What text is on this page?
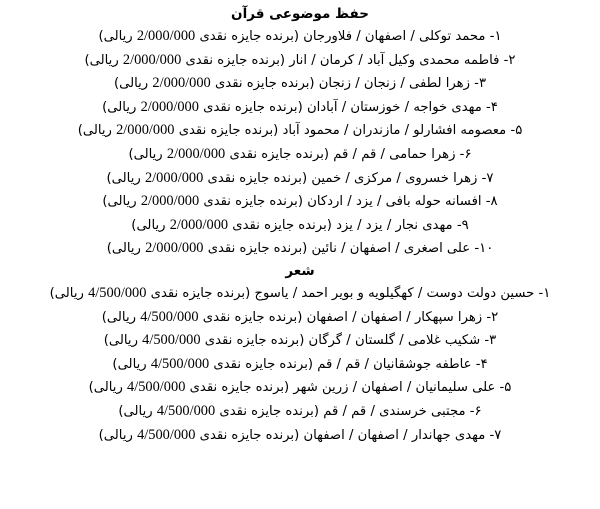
حفظ موضوعی قرآن
۱- محمد توکلی / اصفهان / فلاورجان (برنده جایزه نقدی 2/000/000 ریالی)
۲- فاطمه محمدی وکیل آباد / کرمان / انار (برنده جایزه نقدی 2/000/000 ریالی)
۳- زهرا لطفی / زنجان / زنجان (برنده جایزه نقدی 2/000/000 ریالی)
۴- مهدی خواجه / خوزستان / آبادان (برنده جایزه نقدی 2/000/000 ریالی)
۵- معصومه افشارلو / مازندران / محمود آباد (برنده جایزه نقدی 2/000/000 ریالی)
۶- زهرا حمامی / قم / قم (برنده جایزه نقدی 2/000/000 ریالی)
۷- زهرا خسروی / مرکزی / خمین (برنده جایزه نقدی 2/000/000 ریالی)
۸- افسانه حوله بافی / یزد / اردکان (برنده جایزه نقدی 2/000/000 ریالی)
۹- مهدی نجار / یزد / یزد (برنده جایزه نقدی 2/000/000 ریالی)
۱۰- علی اصغری / اصفهان / نائین (برنده جایزه نقدی 2/000/000 ریالی)
شعر
۱- حسین دولت دوست / کهگیلویه و بویر احمد / یاسوج (برنده جایزه نقدی 4/500/000 ریالی)
۲- زهرا سپهکار / اصفهان / اصفهان (برنده جایزه نقدی 4/500/000 ریالی)
۳- شکیب غلامی / گلستان / گرگان (برنده جایزه نقدی 4/500/000 ریالی)
۴- عاطفه جوشقانیان / قم / قم (برنده جایزه نقدی 4/500/000 ریالی)
۵- علی سلیمانیان / اصفهان / زرین شهر (برنده جایزه نقدی 4/500/000 ریالی)
۶- مجتبی خرسندی / قم / قم (برنده جایزه نقدی 4/500/000 ریالی)
۷- مهدی جهاندار / اصفهان / اصفهان (برنده جایزه نقدی 4/500/000 ریالی)
